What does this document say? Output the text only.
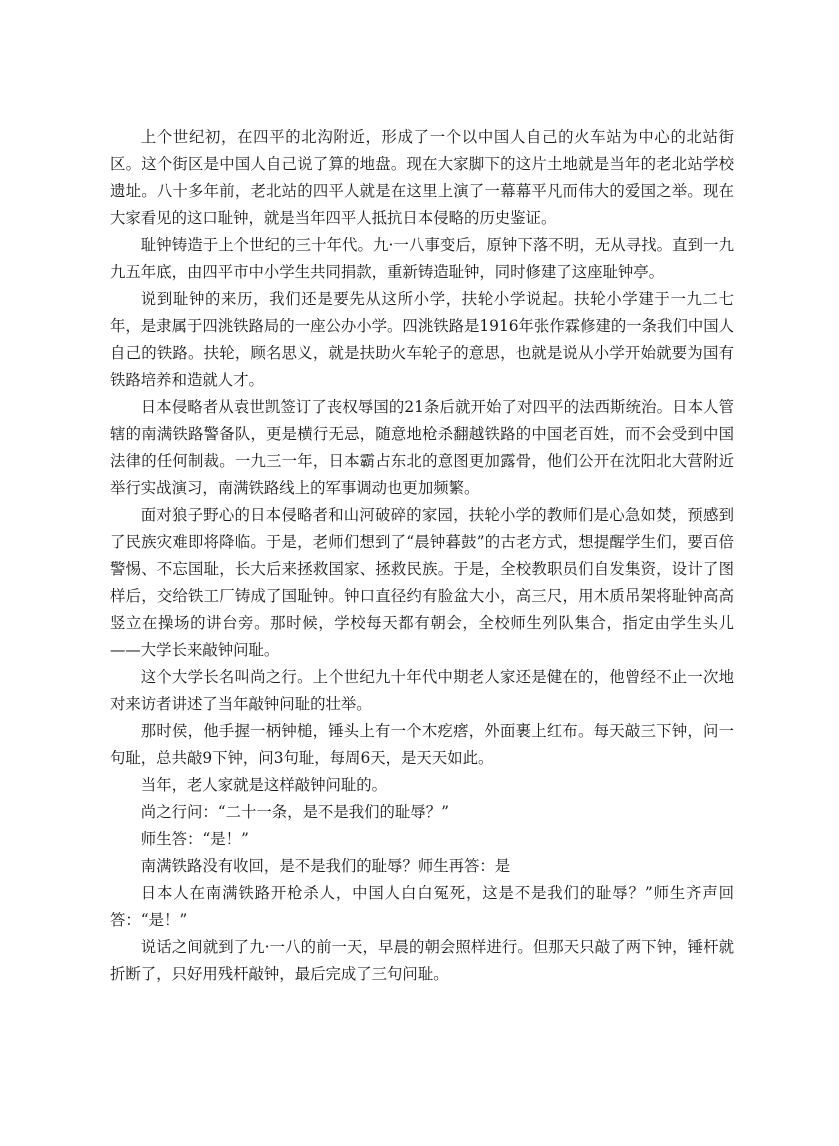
上个世纪初，在四平的北沟附近，形成了一个以中国人自己的火车站为中心的北站街区。这个街区是中国人自己说了算的地盘。现在大家脚下的这片土地就是当年的老北站学校遗址。八十多年前，老北站的四平人就是在这里上演了一幕幕平凡而伟大的爱国之举。现在大家看见的这口耻钟，就是当年四平人抵抗日本侵略的历史鉴证。

耻钟铸造于上个世纪的三十年代。九·一八事变后，原钟下落不明，无从寻找。直到一九九五年底，由四平市中小学生共同捐款，重新铸造耻钟，同时修建了这座耻钟亭。

说到耻钟的来历，我们还是要先从这所小学，扶轮小学说起。扶轮小学建于一九二七年，是隶属于四洮铁路局的一座公办小学。四洮铁路是1916年张作霖修建的一条我们中国人自己的铁路。扶轮，顾名思义，就是扶助火车轮子的意思，也就是说从小学开始就要为国有铁路培养和造就人才。

日本侵略者从袁世凯签订了丧权辱国的21条后就开始了对四平的法西斯统治。日本人管辖的南满铁路警备队，更是横行无忌，随意地枪杀翻越铁路的中国老百姓，而不会受到中国法律的任何制裁。一九三一年，日本霸占东北的意图更加露骨，他们公开在沈阳北大营附近举行实战演习，南满铁路线上的军事调动也更加频繁。

面对狼子野心的日本侵略者和山河破碎的家园，扶轮小学的教师们是心急如焚，预感到了民族灾难即将降临。于是，老师们想到了“晨钟暮鼓”的古老方式，想提醒学生们，要百倍警惕、不忘国耻，长大后来拯救国家、拯救民族。于是，全校教职员们自发集资，设计了图样后，交给铁工厂铸成了国耻钟。钟口直径约有脸盆大小，高三尺，用木质吊架将耻钟高高竖立在操场的讲台旁。那时候，学校每天都有朝会，全校师生列队集合，指定由学生头儿——大学长来敲钟问耻。

这个大学长名叫尚之行。上个世纪九十年代中期老人家还是健在的，他曾经不止一次地对来访者讲述了当年敲钟问耻的壮举。

那时侯，他手握一柄钟槌，锤头上有一个木疙瘩，外面裹上红布。每天敲三下钟，问一句耻，总共敲9下钟，问3句耻，每周6天，是天天如此。

当年，老人家就是这样敲钟问耻的。

尚之行问：“二十一条，是不是我们的耻辱？”

师生答：“是！”

南满铁路没有收回，是不是我们的耻辱？师生再答：是

日本人在南满铁路开枪杀人，中国人白白冤死，这是不是我们的耻辱？”师生齐声回答：“是！”

说话之间就到了九·一八的前一天，早晨的朝会照样进行。但那天只敲了两下钟，锤杆就折断了，只好用残杆敲钟，最后完成了三句问耻。
